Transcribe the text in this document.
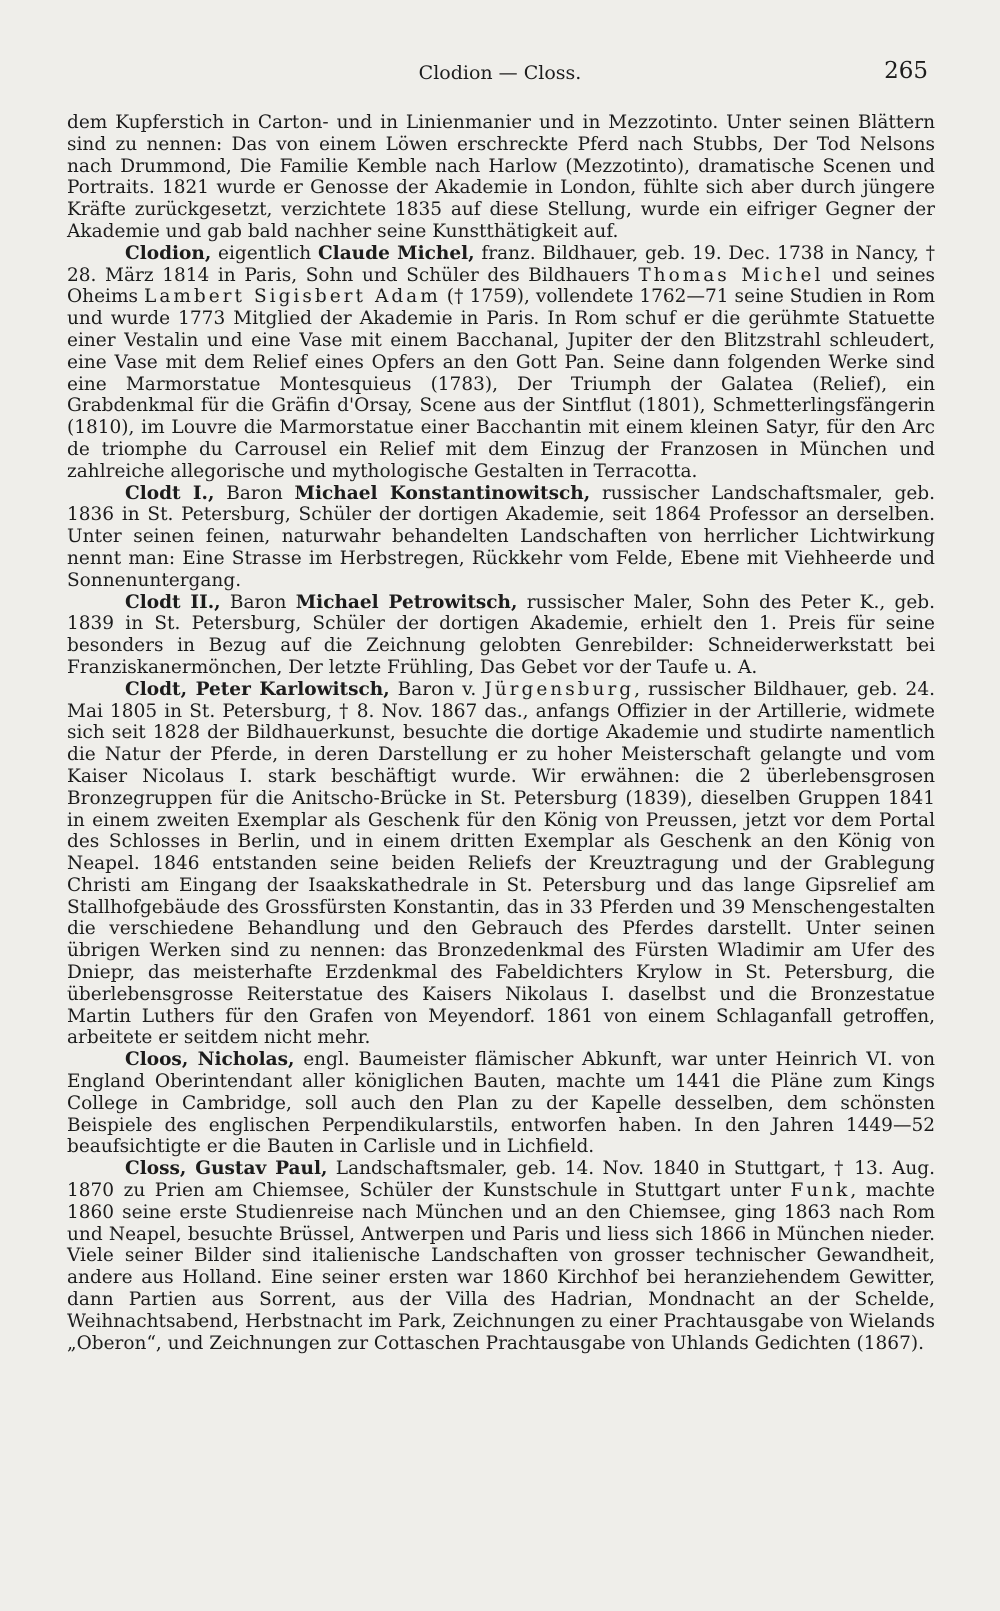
Clodion — Closs.	265

dem Kupferstich in Carton- und in Linienmanier und in Mezzotinto. Unter seinen Blättern sind zu nennen: Das von einem Löwen erschreckte Pferd nach Stubbs, Der Tod Nelsons nach Drummond, Die Familie Kemble nach Harlow (Mezzotinto), dramatische Scenen und Portraits. 1821 wurde er Genosse der Akademie in London, fühlte sich aber durch jüngere Kräfte zurückgesetzt, verzichtete 1835 auf diese Stellung, wurde ein eifriger Gegner der Akademie und gab bald nachher seine Kunstthätigkeit auf.

Clodion, eigentlich Claude Michel, franz. Bildhauer, geb. 19. Dec. 1738 in Nancy, † 28. März 1814 in Paris, Sohn und Schüler des Bildhauers Thomas Michel und seines Oheims Lambert Sigisbert Adam († 1759), vollendete 1762—71 seine Studien in Rom und wurde 1773 Mitglied der Akademie in Paris. In Rom schuf er die gerühmte Statuette einer Vestalin und eine Vase mit einem Bacchanal, Jupiter der den Blitzstrahl schleudert, eine Vase mit dem Relief eines Opfers an den Gott Pan. Seine dann folgenden Werke sind eine Marmorstatue Montesquieus (1783), Der Triumph der Galatea (Relief), ein Grabdenkmal für die Gräfin d'Orsay, Scene aus der Sintflut (1801), Schmetterlingsfängerin (1810), im Louvre die Marmorstatue einer Bacchantin mit einem kleinen Satyr, für den Arc de triomphe du Carrousel ein Relief mit dem Einzug der Franzosen in München und zahlreiche allegorische und mythologische Gestalten in Terracotta.

Clodt I., Baron Michael Konstantinowitsch, russischer Landschaftsmaler, geb. 1836 in St. Petersburg, Schüler der dortigen Akademie, seit 1864 Professor an derselben. Unter seinen feinen, naturwahr behandelten Landschaften von herrlicher Lichtwirkung nennt man: Eine Strasse im Herbstregen, Rückkehr vom Felde, Ebene mit Viehheerde und Sonnenuntergang.

Clodt II., Baron Michael Petrowitsch, russischer Maler, Sohn des Peter K., geb. 1839 in St. Petersburg, Schüler der dortigen Akademie, erhielt den 1. Preis für seine besonders in Bezug auf die Zeichnung gelobten Genrebilder: Schneiderwerkstatt bei Franziskanermönchen, Der letzte Frühling, Das Gebet vor der Taufe u. A.

Clodt, Peter Karlowitsch, Baron v. Jürgensburg, russischer Bildhauer, geb. 24. Mai 1805 in St. Petersburg, † 8. Nov. 1867 das., anfangs Offizier in der Artillerie, widmete sich seit 1828 der Bildhauerkunst, besuchte die dortige Akademie und studirte namentlich die Natur der Pferde, in deren Darstellung er zu hoher Meisterschaft gelangte und vom Kaiser Nicolaus I. stark beschäftigt wurde. Wir erwähnen: die 2 überlebensgrosen Bronzegruppen für die Anitscho-Brücke in St. Petersburg (1839), dieselben Gruppen 1841 in einem zweiten Exemplar als Geschenk für den König von Preussen, jetzt vor dem Portal des Schlosses in Berlin, und in einem dritten Exemplar als Geschenk an den König von Neapel. 1846 entstanden seine beiden Reliefs der Kreuztragung und der Grablegung Christi am Eingang der Isaakskathedrale in St. Petersburg und das lange Gipsrelief am Stallhofgebäude des Grossfürsten Konstantin, das in 33 Pferden und 39 Menschengestalten die verschiedene Behandlung und den Gebrauch des Pferdes darstellt. Unter seinen übrigen Werken sind zu nennen: das Bronzedenkmal des Fürsten Wladimir am Ufer des Dniepr, das meisterhafte Erzdenkmal des Fabeldichters Krylow in St. Petersburg, die überlebensgrosse Reiterstatue des Kaisers Nikolaus I. daselbst und die Bronzestatue Martin Luthers für den Grafen von Meyendorf. 1861 von einem Schlaganfall getroffen, arbeitete er seitdem nicht mehr.

Cloos, Nicholas, engl. Baumeister flämischer Abkunft, war unter Heinrich VI. von England Oberintendant aller königlichen Bauten, machte um 1441 die Pläne zum Kings College in Cambridge, soll auch den Plan zu der Kapelle desselben, dem schönsten Beispiele des englischen Perpendikularstils, entworfen haben. In den Jahren 1449—52 beaufsichtigte er die Bauten in Carlisle und in Lichfield.

Closs, Gustav Paul, Landschaftsmaler, geb. 14. Nov. 1840 in Stuttgart, † 13. Aug. 1870 zu Prien am Chiemsee, Schüler der Kunstschule in Stuttgart unter Funk, machte 1860 seine erste Studienreise nach München und an den Chiemsee, ging 1863 nach Rom und Neapel, besuchte Brüssel, Antwerpen und Paris und liess sich 1866 in München nieder. Viele seiner Bilder sind italienische Landschaften von grosser technischer Gewandheit, andere aus Holland. Eine seiner ersten war 1860 Kirchhof bei heranziehendem Gewitter, dann Partien aus Sorrent, aus der Villa des Hadrian, Mondnacht an der Schelde, Weihnachtsabend, Herbstnacht im Park, Zeichnungen zu einer Prachtausgabe von Wielands „Oberon“, und Zeichnungen zur Cottaschen Prachtausgabe von Uhlands Gedichten (1867).
